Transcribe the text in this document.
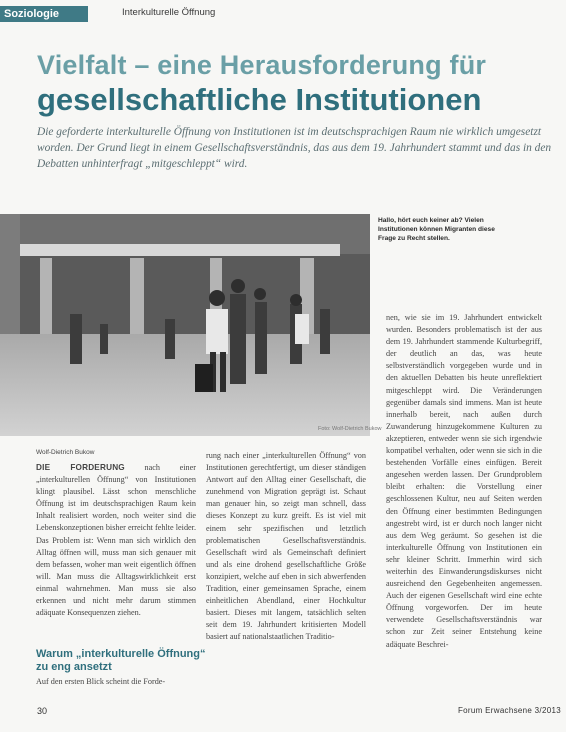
Soziologie	Interkulturelle Öffnung
Vielfalt – eine Herausforderung für
gesellschaftliche Institutionen

Die geforderte interkulturelle Öffnung von Institutionen ist im deutschsprachigen Raum nie wirklich umgesetzt worden. Der Grund liegt in einem Gesellschaftsverständnis, das aus dem 19. Jahrhundert stammt und das in den Debatten unhinterfragt „mitgeschleppt“ wird.

Foto: Wolf-Dietrich Bukow

Hallo, hört euch keiner ab? Vielen Institutionen können Migranten diese Frage zu Recht stellen.

Wolf-Dietrich Bukow

DIE FORDERUNG nach einer „interkulturellen Öffnung“ von Institutionen klingt plausibel. Lässt schon menschliche Öffnung ist im deutschsprachigen Raum kein Inhalt realisiert worden, noch weiter sind die Lebenskonzeptionen bisher erreicht fehlte leider. Das Problem ist: Wenn man sich wirklich den Alltag öffnen will, muss man sich genauer mit dem befassen, woher man weit eigentlich öffnen will. Man muss die Alltagswirklichkeit erst einmal wahrnehmen. Man muss sie also erkennen und nicht mehr darum stimmen adäquate Konsequenzen ziehen.

Warum „interkulturelle Öffnung“ zu eng ansetzt

Auf den ersten Blick scheint die Forde-

rung nach einer „interkulturellen Öffnung“ von Institutionen gerechtfertigt, um dieser ständigen Antwort auf den Alltag einer Gesellschaft, die zunehmend von Migration geprägt ist. Schaut man genauer hin, so zeigt man schnell, dass dieses Konzept zu kurz greift. Es ist viel mit einem sehr spezifischen und letztlich problematischen Gesellschaftsverständnis. Gesellschaft wird als Gemeinschaft definiert und als eine drohend gesellschaftliche Größe konzipiert, welche auf eben in sich abwerfenden Tradition, einer gemeinsamen Sprache, einem einheitlichen Abendland, einer Hochkultur basiert. Dieses mit langem, tatsächlich selten seit dem 19. Jahrhundert kritisierten Modell basiert auf nationalstaatlichen Traditio-

nen, wie sie im 19. Jahrhundert entwickelt wurden. Besonders problematisch ist der aus dem 19. Jahrhundert stammende Kulturbegriff, der deutlich an das, was heute selbstverständlich vorgegeben wurde und in den aktuellen Debatten bis heute unreflektiert mitgeschleppt wird. Die Veränderungen gegenüber damals sind immens. Man ist heute innerhalb bereit, nach außen durch Zuwanderung hinzugekommene Kulturen zu akzeptieren, entweder wenn sie sich irgendwie kompatibel verhalten, oder wenn sie sich in die bestehenden Vorfälle eines einfügen. Bereit angesehen werden lassen. Der Grundproblem bleibt erhalten: die Vorstellung einer geschlossenen Kultur, neu auf Seiten werden den Öffnung einer bestimmten Bedingungen angestrebt wird, ist er durch noch langer nicht aus dem Weg geräumt. So gesehen ist die interkulturelle Öffnung von Institutionen ein sehr kleiner Schritt. Immerhin wird sich weiterhin des Einwanderungsdiskurses nicht ausreichend den Gegebenheiten angemessen. Auch der eigenen Gesellschaft wird eine echte Öffnung vorgeworfen. Der im heute verwendete Gesellschaftsverständnis war schon zur Zeit seiner Entstehung keine adäquate Beschrei-

30	Forum Erwachsene 3/2013
